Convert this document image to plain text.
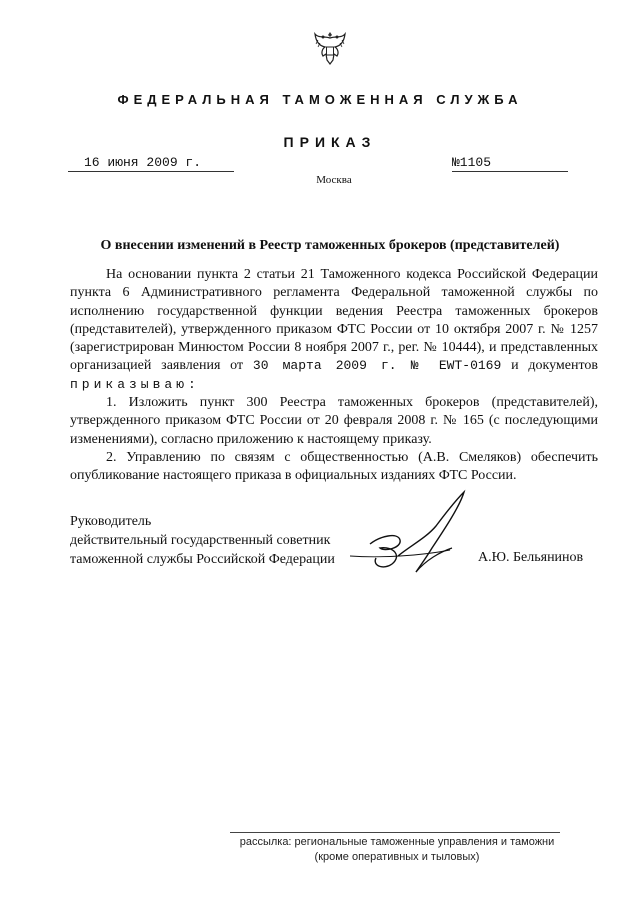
ФЕДЕРАЛЬНАЯ ТАМОЖЕННАЯ СЛУЖБА
ПРИКАЗ
16 июня 2009 г.	№1105
Москва
О внесении изменений в Реестр таможенных брокеров (представителей)

На основании пункта 2 статьи 21 Таможенного кодекса Российской Федерации пункта 6 Административного регламента Федеральной таможенной службы по исполнению государственной функции ведения Реестра таможенных брокеров (представителей), утвержденного приказом ФТС России от 10 октября 2007 г. № 1257 (зарегистрирован Минюстом России 8 ноября 2007 г., рег. № 10444), и представленных организацией заявления от 30 марта 2009 г. № ЕWТ-0169 и документов приказываю:

1. Изложить пункт 300 Реестра таможенных брокеров (представителей), утвержденного приказом ФТС России от 20 февраля 2008 г. № 165 (с последующими изменениями), согласно приложению к настоящему приказу.

2. Управлению по связям с общественностью (А.В. Смеляков) обеспечить опубликование настоящего приказа в официальных изданиях ФТС России.

Руководитель
действительный государственный советник
таможенной службы Российской Федерации	А.Ю. Бельянинов

рассылка: региональные таможенные управления и таможни

(кроме оперативных и тыловых)
